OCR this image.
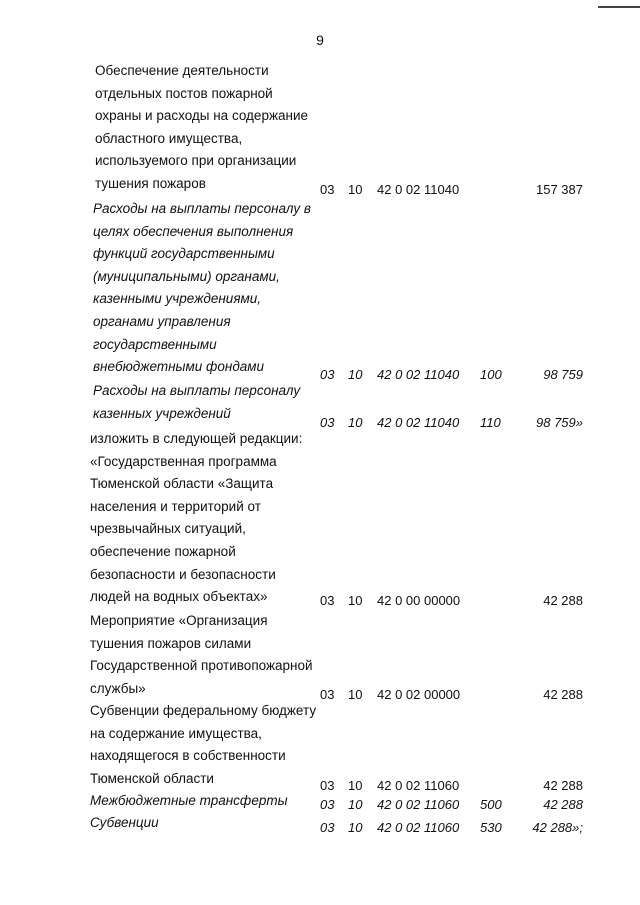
9
Обеспечение деятельности
отдельных постов пожарной
охраны и расходы на содержание
областного имущества,
используемого при организации
тушения пожаров	03 10 42 0 02 11040	157 387
Расходы на выплаты персоналу в
целях обеспечения выполнения
функций государственными
(муниципальными) органами,
казенными учреждениями,
органами управления
государственными
внебюджетными фондами
03 10 42 0 02 11040 100	98 759
Расходы на выплаты персоналу
казенных учреждений
03 10 42 0 02 11040 110	98 759»
изложить в следующей редакции:
«Государственная программа
Тюменской области «Защита
населения и территорий от
чрезвычайных ситуаций,
обеспечение пожарной
безопасности и безопасности
людей на водных объектах»	03 10 42 0 00 00000	42 288
Мероприятие «Организация
тушения пожаров силами
Государственной противопожарной
службы»	03 10 42 0 02 00000	42 288
Субвенции федеральному бюджету
на содержание имущества,
находящегося в собственности
Тюменской области	03 10 42 0 02 11060	42 288
Межбюджетные трансферты	03 10 42 0 02 11060 500	42 288
Субвенции	03 10 42 0 02 11060 530 42 288»;
